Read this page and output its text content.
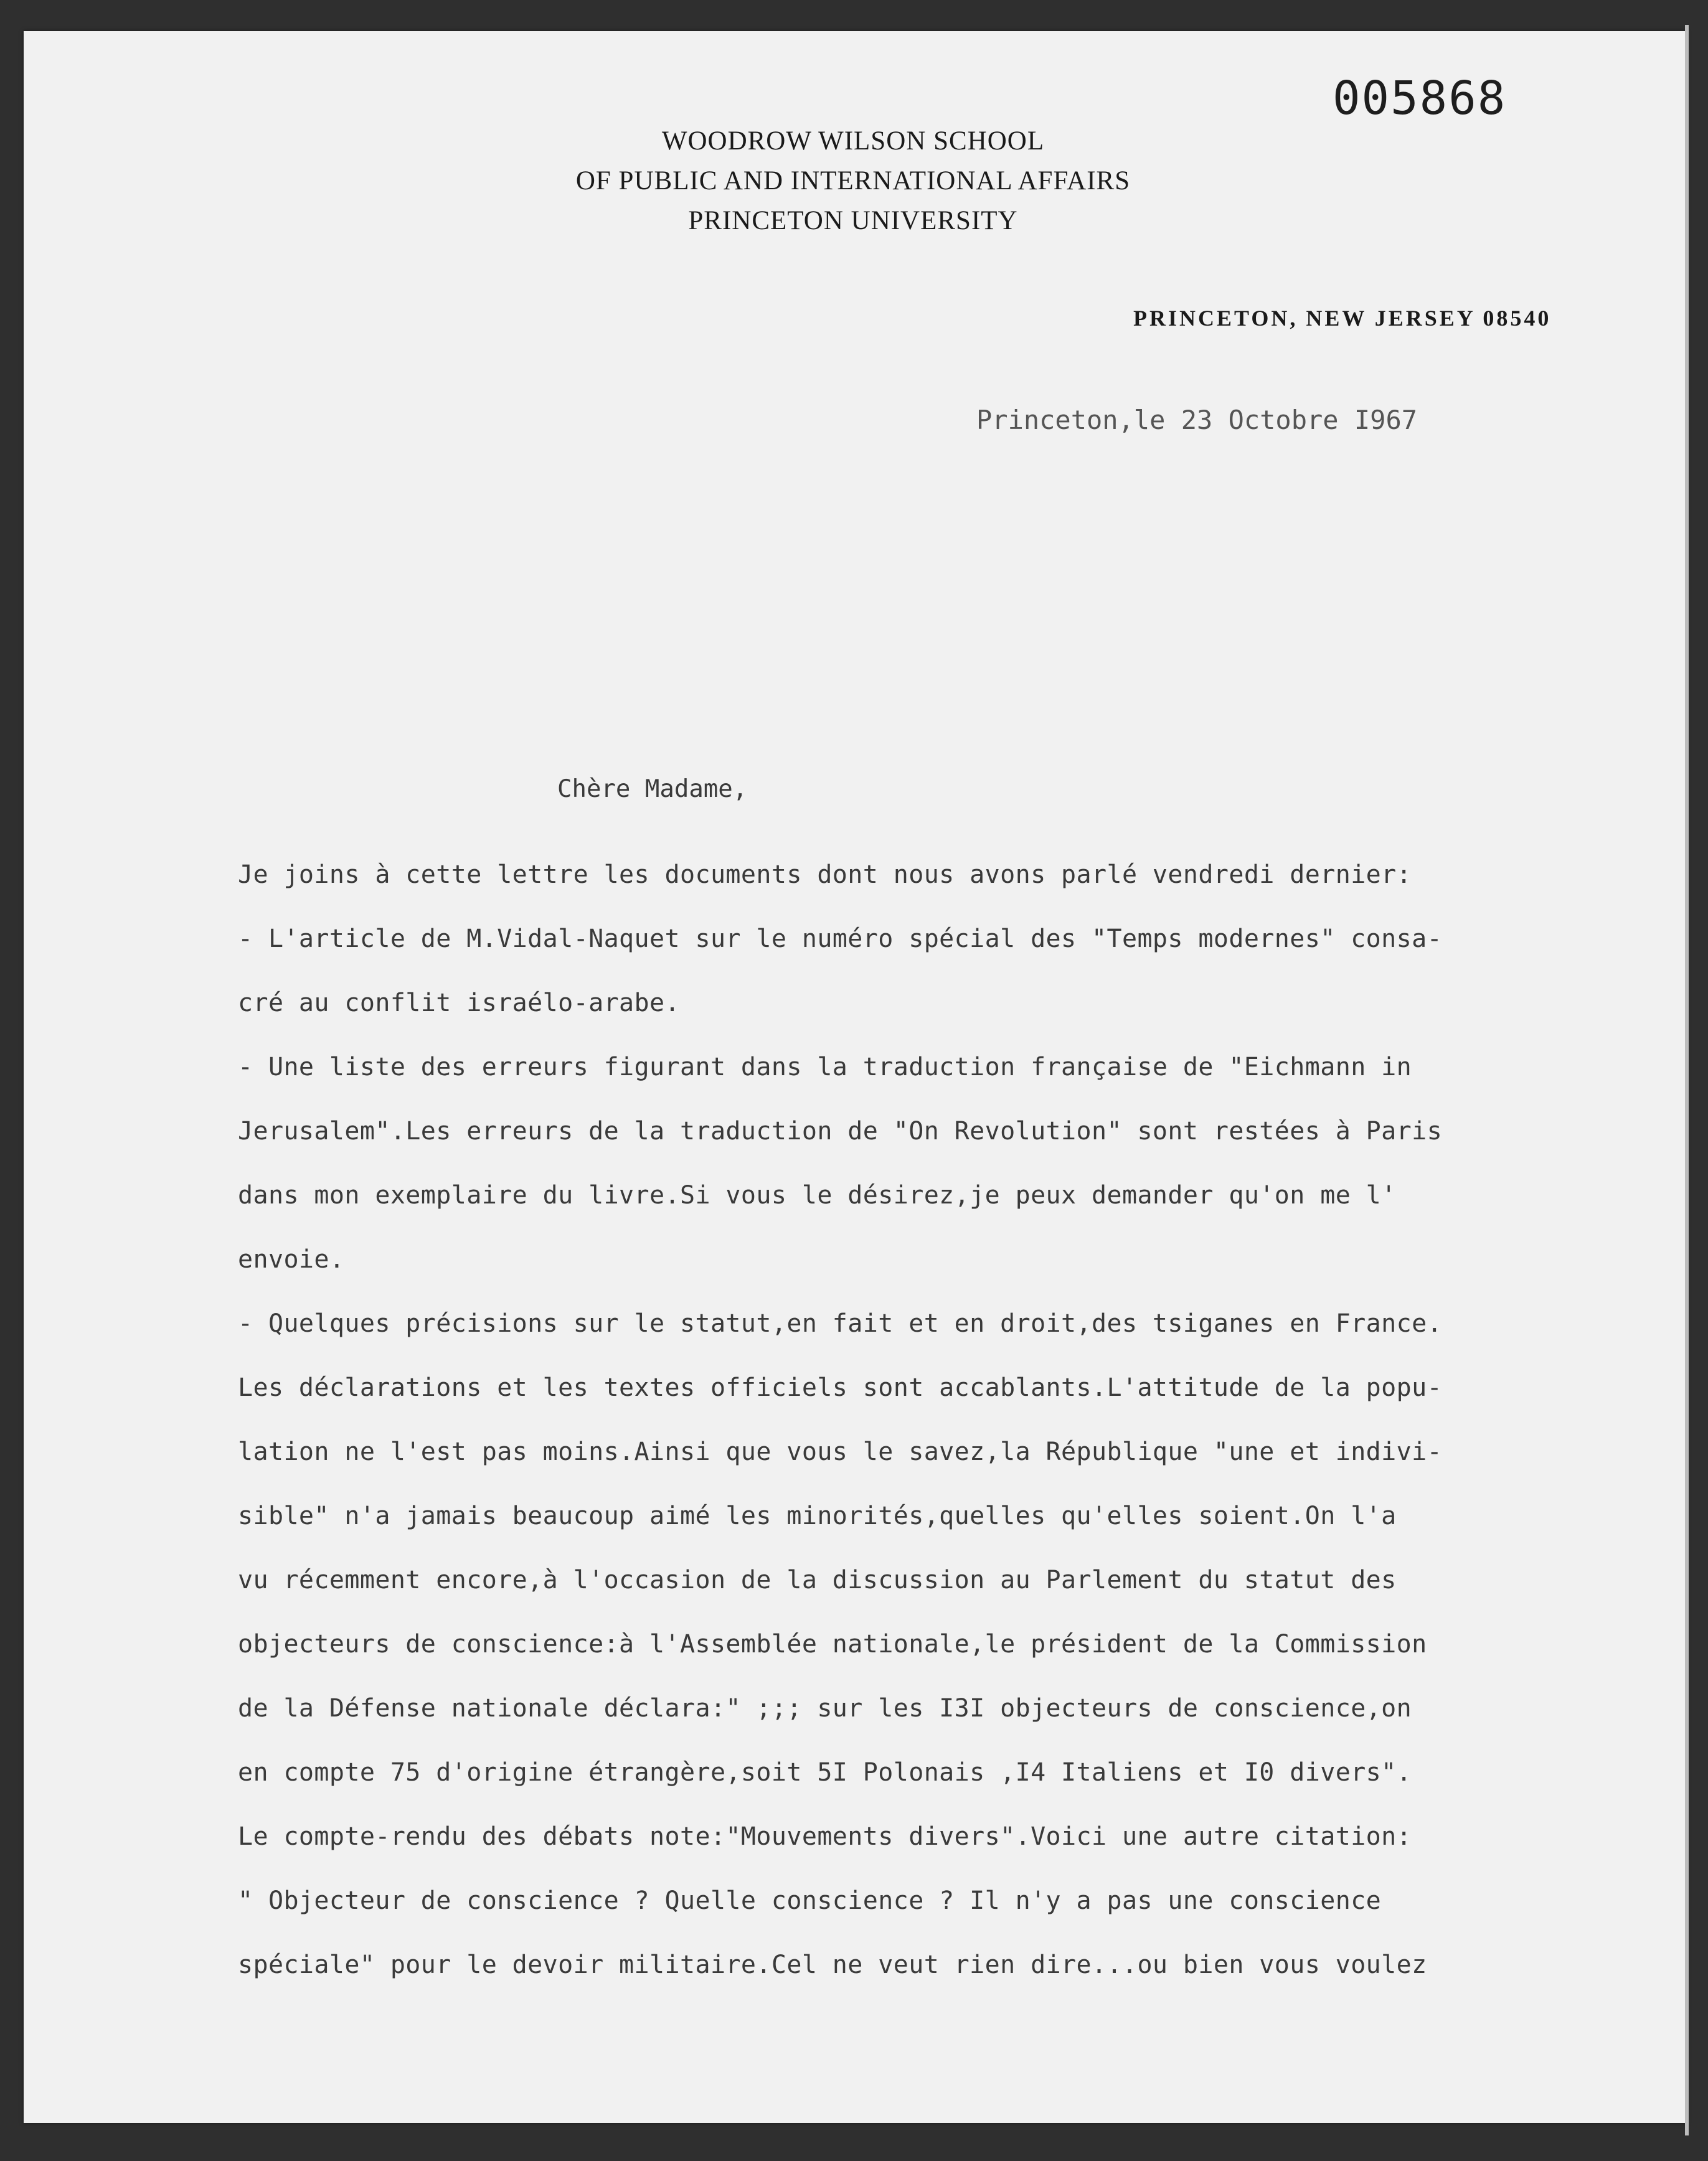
005868
WOODROW WILSON SCHOOL
OF PUBLIC AND INTERNATIONAL AFFAIRS
PRINCETON UNIVERSITY
PRINCETON, NEW JERSEY 08540
Princeton,le 23 Octobre I967
Chère Madame,
Je joins à cette lettre les documents dont nous avons parlé vendredi dernier:
- L'article de M.Vidal-Naquet sur le numéro spécial des "Temps modernes" consa-
cré au conflit israélo-arabe.
- Une liste des erreurs figurant dans la traduction française de "Eichmann in
Jerusalem".Les erreurs de la traduction de "On Revolution" sont restées à Paris
dans mon exemplaire du livre.Si vous le désirez,je peux demander qu'on me l'
envoie.
- Quelques précisions sur le statut,en fait et en droit,des tsiganes en France.
Les déclarations et les textes officiels sont accablants.L'attitude de la popu-
lation ne l'est pas moins.Ainsi que vous le savez,la République "une et indivi-
sible" n'a jamais beaucoup aimé les minorités,quelles qu'elles soient.On l'a
vu récemment encore,à l'occasion de la discussion au Parlement du statut des
objecteurs de conscience:à l'Assemblée nationale,le président de la Commission
de la Défense nationale déclara:" ;;; sur les I3I objecteurs de conscience,on
en compte 75 d'origine étrangère,soit 5I Polonais ,I4 Italiens et I0 divers".
Le compte-rendu des débats note:"Mouvements divers".Voici une autre citation:
" Objecteur de conscience ? Quelle conscience ? Il n'y a pas une conscience
spéciale" pour le devoir militaire.Cel ne veut rien dire...ou bien vous voulez
